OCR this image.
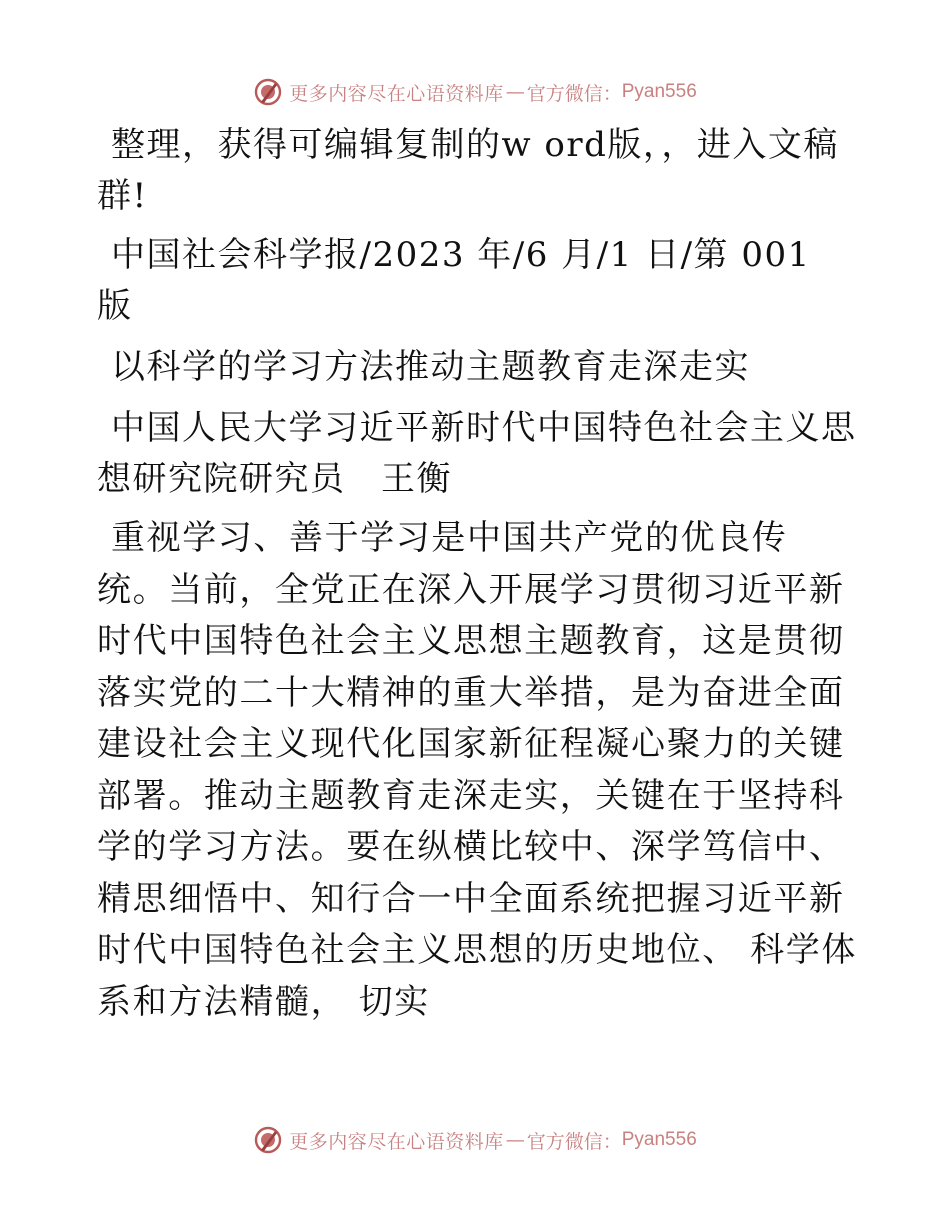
更多内容尽在心语资料库 — 官方微信： Pyan556

整理，获得可编辑复制的w ord版，，进入文稿群!

中国社会科学报/2023 年/6 月/1 日/第 001 版

以科学的学习方法推动主题教育走深走实

中国人民大学习近平新时代中国特色社会主义思想研究院研究员　王衡

重视学习、善于学习是中国共产党的优良传统。当前，全党正在深入开展学习贯彻习近平新时代中国特色社会主义思想主题教育，这是贯彻落实党的二十大精神的重大举措，是为奋进全面建设社会主义现代化国家新征程凝心聚力的关键部署。推动主题教育走深走实，关键在于坚持科学的学习方法。要在纵横比较中、深学笃信中、精思细悟中、知行合一中全面系统把握习近平新时代中国特色社会主义思想的历史地位、 科学体系和方法精髓， 切实

更多内容尽在心语资料库 — 官方微信： Pyan556
